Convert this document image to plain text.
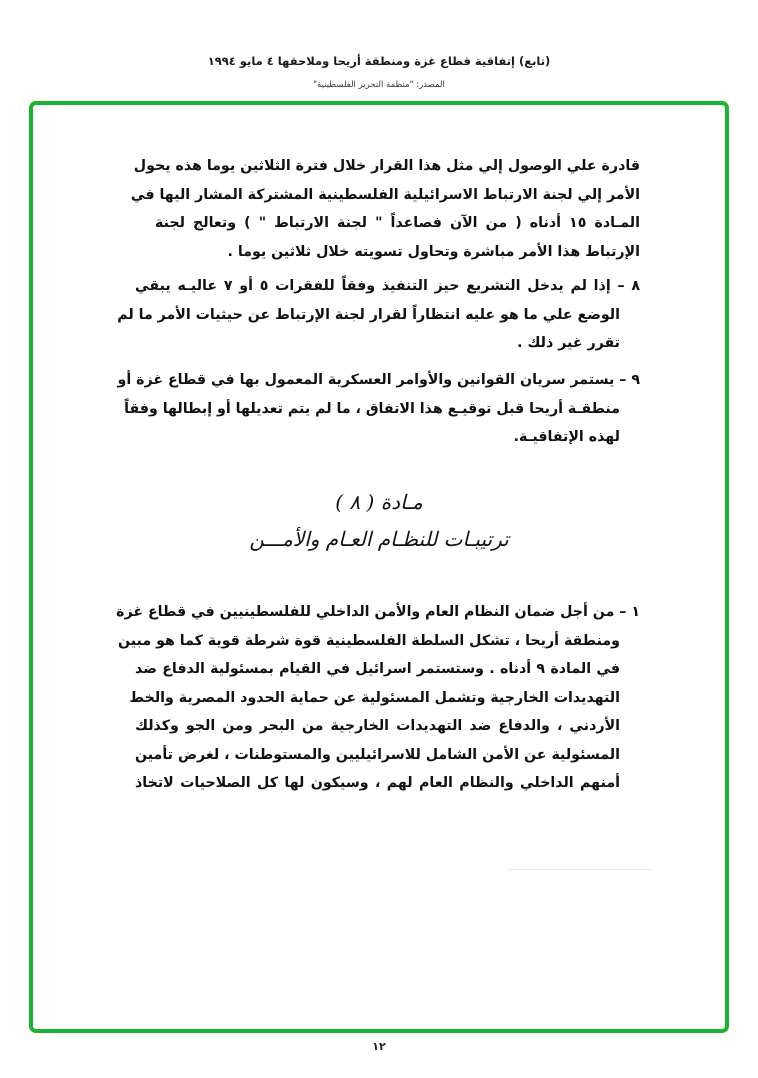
(تابع) إتفاقية قطاع غزة ومنطقة أريحا وملاحقها ٤ مايو ١٩٩٤
المصدر: "منظمة التحرير الفلسطينية"
قادرة علي الوصول إلي مثل هذا القرار خلال فترة الثلاثين يوما هذه يحول
الأمر إلي لجنة الارتباط الاسرائيلية الفلسطينية المشتركة المشار اليها في
المـادة ١٥ أدناه ( من الآن فصاعداً " لجنة الارتباط " ) وتعالج لجنة
الإرتباط هذا الأمر مباشرة وتحاول تسويته خلال ثلاثين يوما .
٨ – إذا لم يدخل التشريع حيز التنفيذ وفقاً للفقرات ٥ أو ٧ عاليـه يبقي
الوضع علي ما هو عليه انتظاراً لقرار لجنة الإرتباط عن حيثيات الأمر ما لم
تقرر غير ذلك .
٩ – يستمر سريان القوانين والأوامر العسكرية المعمول بها في قطاع غزة أو
منطقـة أريحا قبل توقيـع هذا الاتفاق ، ما لم يتم تعديلها أو إبطالها وفقاً
لهذه الإتفاقيـة.
مـادة ( ٨ )
ترتيبـات للنظـام العـام والأمـــن
١ – من أجل ضمان النظام العام والأمن الداخلي للفلسطينيين في قطاع غزة
ومنطقة أريحا ، تشكل السلطة الفلسطينية قوة شرطة قوية كما هو مبين
في المادة ٩ أدناه . وستستمر اسرائيل في القيام بمسئولية الدفاع ضد
التهديدات الخارجية وتشمل المسئولية عن حماية الحدود المصرية والخط
الأردني ، والدفاع ضد التهديدات الخارجية من البحر ومن الجو وكذلك
المسئولية عن الأمن الشامل للاسرائيليين والمستوطنات ، لغرض تأمين
أمنهم الداخلي والنظام العام لهم ، وسيكون لها كل الصلاحيات لاتخاذ
١٢
